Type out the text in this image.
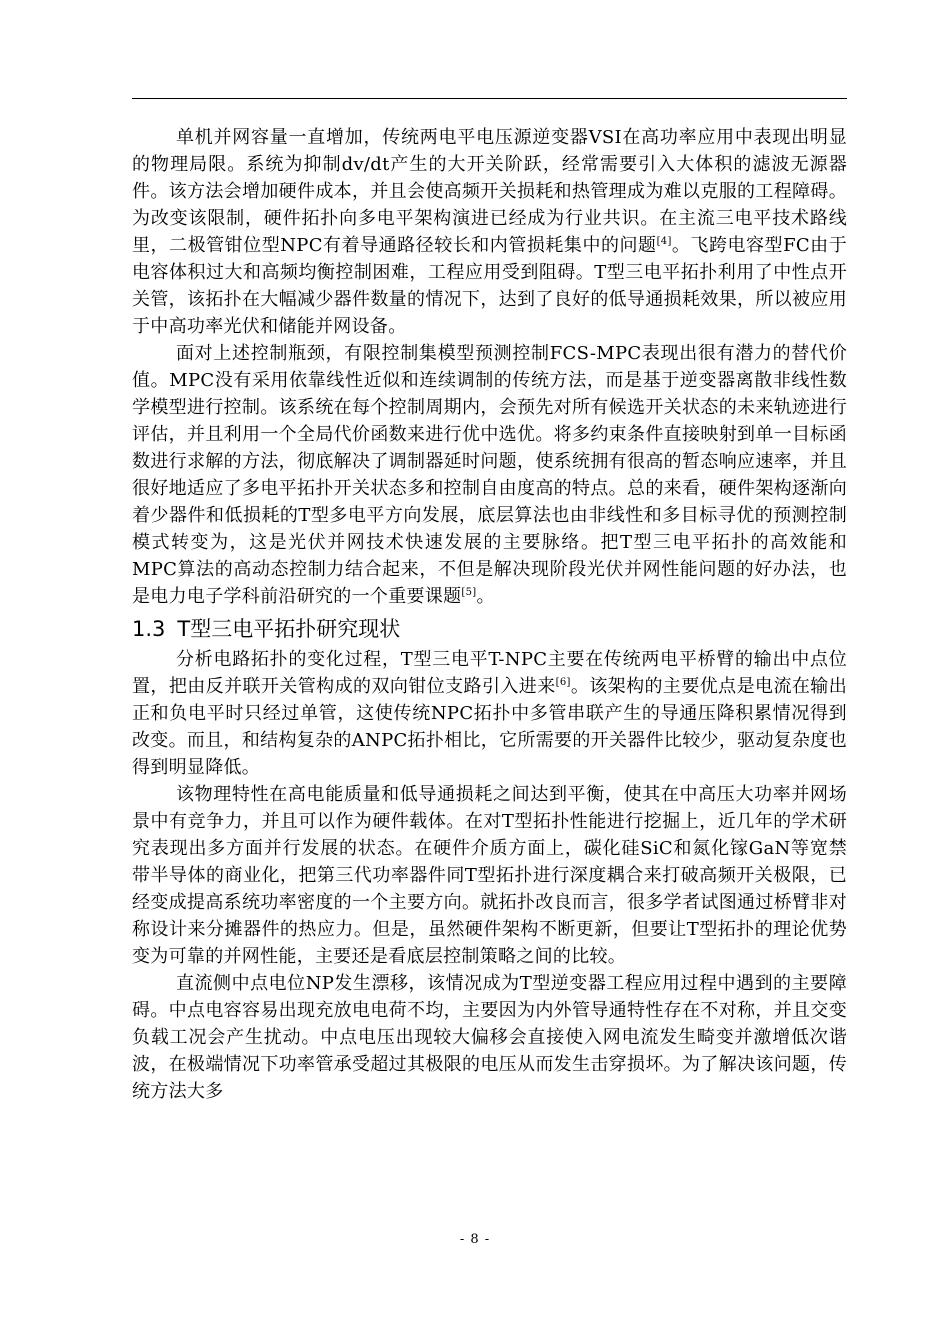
单机并网容量一直增加，传统两电平电压源逆变器VSI在高功率应用中表现出明显的物理局限。系统为抑制dv/dt产生的大开关阶跃，经常需要引入大体积的滤波无源器件。该方法会增加硬件成本，并且会使高频开关损耗和热管理成为难以克服的工程障碍。为改变该限制，硬件拓扑向多电平架构演进已经成为行业共识。在主流三电平技术路线里，二极管钳位型NPC有着导通路径较长和内管损耗集中的问题[4]。飞跨电容型FC由于电容体积过大和高频均衡控制困难，工程应用受到阻碍。T型三电平拓扑利用了中性点开关管，该拓扑在大幅减少器件数量的情况下，达到了良好的低导通损耗效果，所以被应用于中高功率光伏和储能并网设备。

面对上述控制瓶颈，有限控制集模型预测控制FCS-MPC表现出很有潜力的替代价值。MPC没有采用依靠线性近似和连续调制的传统方法，而是基于逆变器离散非线性数学模型进行控制。该系统在每个控制周期内，会预先对所有候选开关状态的未来轨迹进行评估，并且利用一个全局代价函数来进行优中选优。将多约束条件直接映射到单一目标函数进行求解的方法，彻底解决了调制器延时问题，使系统拥有很高的暂态响应速率，并且很好地适应了多电平拓扑开关状态多和控制自由度高的特点。总的来看，硬件架构逐渐向着少器件和低损耗的T型多电平方向发展，底层算法也由非线性和多目标寻优的预测控制模式转变为，这是光伏并网技术快速发展的主要脉络。把T型三电平拓扑的高效能和MPC算法的高动态控制力结合起来，不但是解决现阶段光伏并网性能问题的好办法，也是电力电子学科前沿研究的一个重要课题[5]。

1.3 T型三电平拓扑研究现状

分析电路拓扑的变化过程，T型三电平T-NPC主要在传统两电平桥臂的输出中点位置，把由反并联开关管构成的双向钳位支路引入进来[6]。该架构的主要优点是电流在输出正和负电平时只经过单管，这使传统NPC拓扑中多管串联产生的导通压降积累情况得到改变。而且，和结构复杂的ANPC拓扑相比，它所需要的开关器件比较少，驱动复杂度也得到明显降低。

该物理特性在高电能质量和低导通损耗之间达到平衡，使其在中高压大功率并网场景中有竞争力，并且可以作为硬件载体。在对T型拓扑性能进行挖掘上，近几年的学术研究表现出多方面并行发展的状态。在硬件介质方面上，碳化硅SiC和氮化镓GaN等宽禁带半导体的商业化，把第三代功率器件同T型拓扑进行深度耦合来打破高频开关极限，已经变成提高系统功率密度的一个主要方向。就拓扑改良而言，很多学者试图通过桥臂非对称设计来分摊器件的热应力。但是，虽然硬件架构不断更新，但要让T型拓扑的理论优势变为可靠的并网性能，主要还是看底层控制策略之间的比较。

直流侧中点电位NP发生漂移，该情况成为T型逆变器工程应用过程中遇到的主要障碍。中点电容容易出现充放电电荷不均，主要因为内外管导通特性存在不对称，并且交变负载工况会产生扰动。中点电压出现较大偏移会直接使入网电流发生畸变并激增低次谐波，在极端情况下功率管承受超过其极限的电压从而发生击穿损坏。为了解决该问题，传统方法大多

- 8 -
